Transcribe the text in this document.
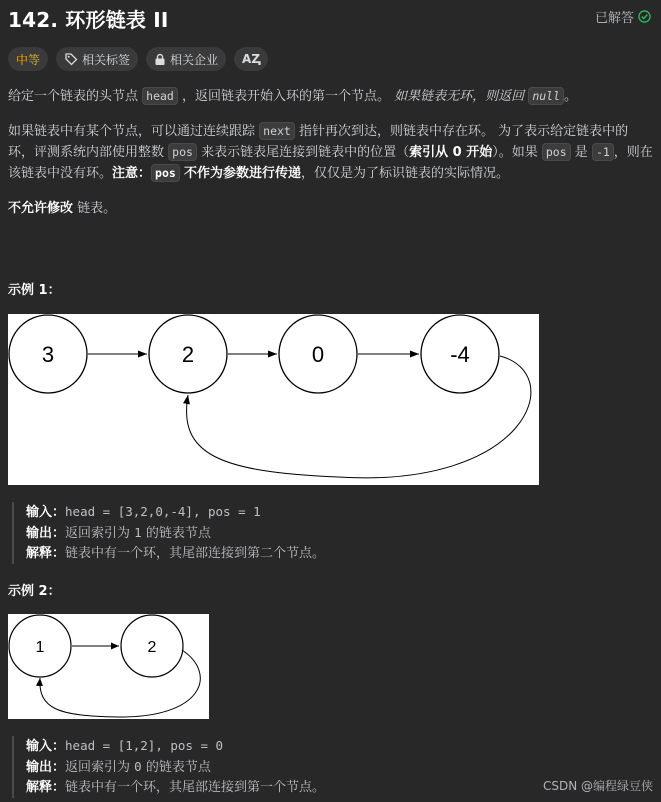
142. 环形链表 II	已解答
中等	相关标签	相关企业 AⱫ

给定一个链表的头节点 head ，返回链表开始入环的第一个节点。 如果链表无环，则返回 null 。

如果链表中有某个节点，可以通过连续跟踪 next 指针再次到达，则链表中存在环。 为了表示给定链表中的环，评测系统内部使用整数 pos 来表示链表尾连接到链表中的位置（索引从 0 开始）。如果 pos 是 -1 ，则在该链表中没有环。注意： pos 不作为参数进行传递，仅仅是为了标识链表的实际情况。

不允许修改 链表。

示例 1：
3	2	0	-4
输入：head = [3,2,0,-4], pos = 1
输出：返回索引为 1 的链表节点
解释：链表中有一个环，其尾部连接到第二个节点。
示例 2：
1	2
输入：head = [1,2], pos = 0
输出：返回索引为 0 的链表节点
解释：链表中有一个环，其尾部连接到第一个节点。	CSDN @编程绿豆侠
